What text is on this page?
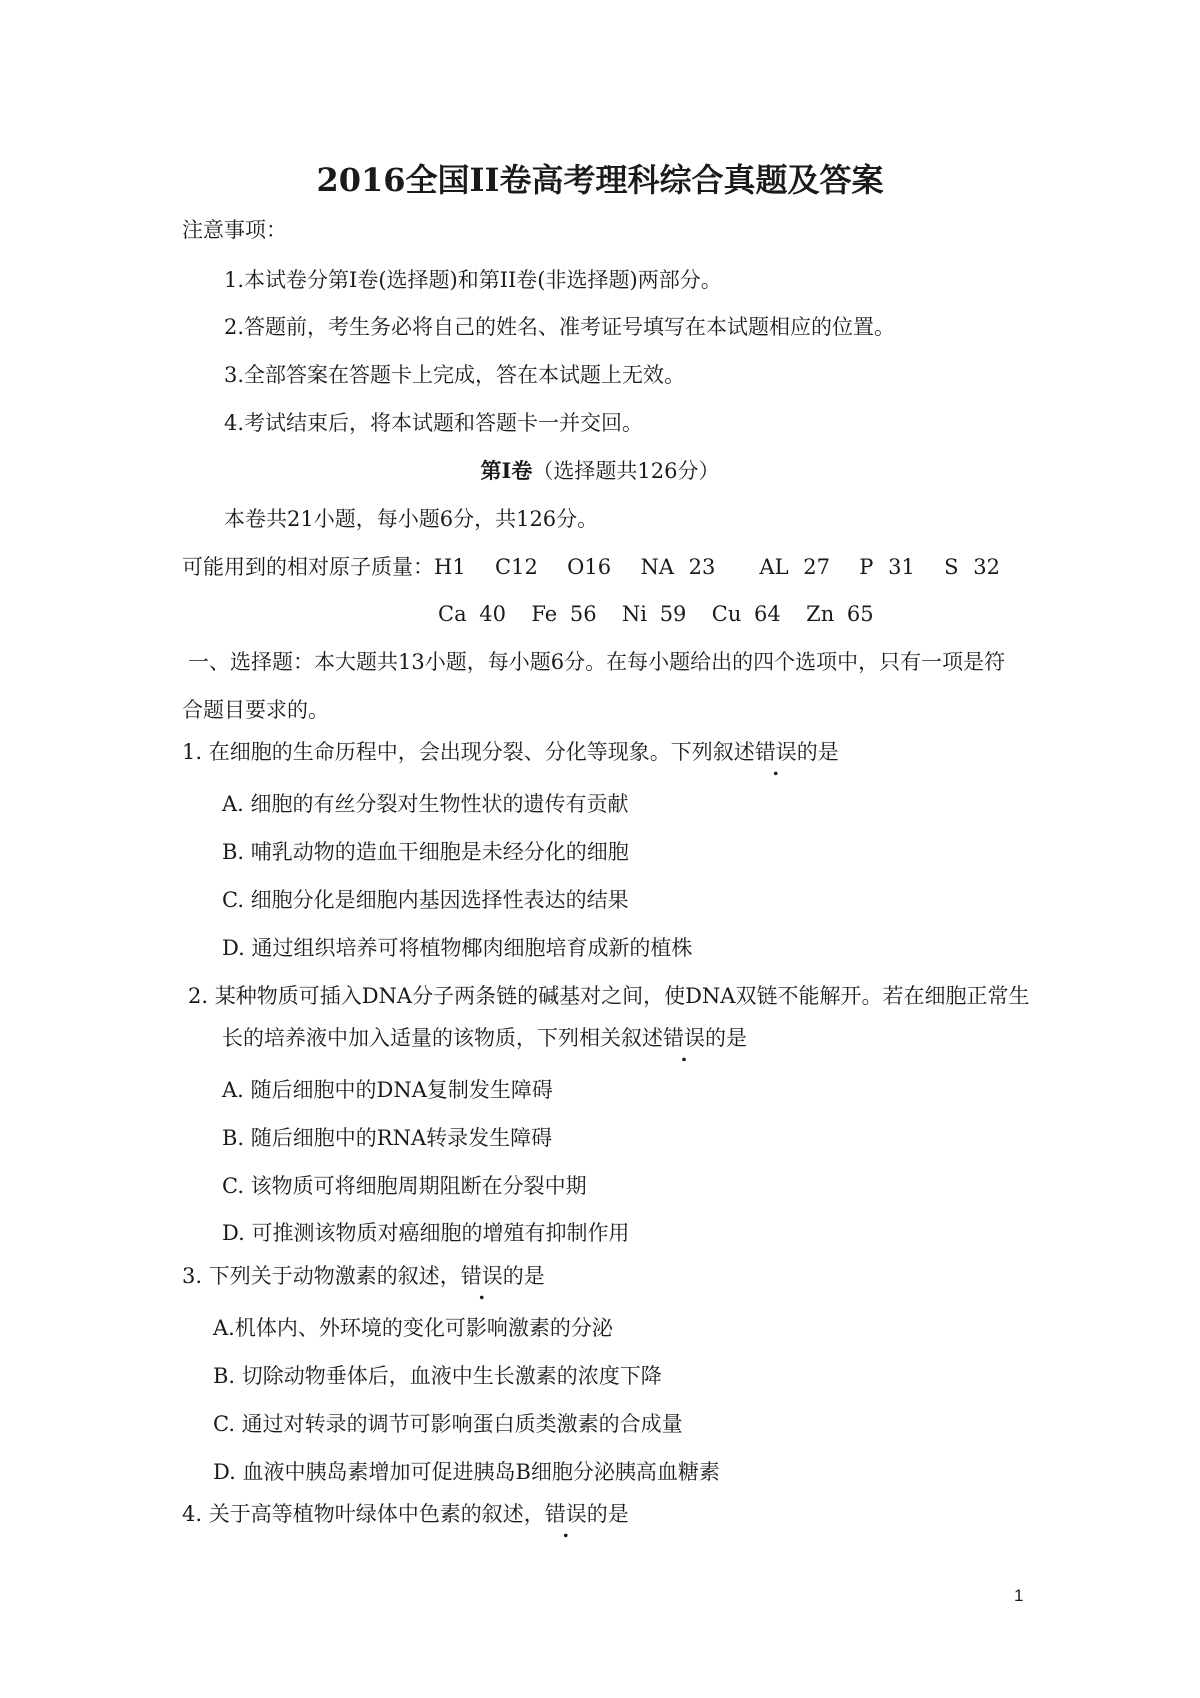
2016全国II卷高考理科综合真题及答案
注意事项：
1.本试卷分第Ⅰ卷(选择题)和第II卷(非选择题)两部分。
2.答题前，考生务必将自己的姓名、准考证号填写在本试题相应的位置。
3.全部答案在答题卡上完成，答在本试题上无效。
4.考试结束后，将本试题和答题卡一并交回。
第Ⅰ卷（选择题共126分）
本卷共21小题，每小题6分，共126分。
可能用到的相对原子质量：H1  C12  O16  NA 23   AL 27  P 31  S 32
Ca 40  Fe 56  Ni 59  Cu 64  Zn 65
一、选择题：本大题共13小题，每小题6分。在每小题给出的四个选项中，只有一项是符
合题目要求的。
1. 在细胞的生命历程中，会出现分裂、分化等现象。下列叙述错误的是
A. 细胞的有丝分裂对生物性状的遗传有贡献
B. 哺乳动物的造血干细胞是未经分化的细胞
C. 细胞分化是细胞内基因选择性表达的结果
D. 通过组织培养可将植物椰肉细胞培育成新的植株
2. 某种物质可插入DNA分子两条链的碱基对之间，使DNA双链不能解开。若在细胞正常生
长的培养液中加入适量的该物质，下列相关叙述错误的是
A. 随后细胞中的DNA复制发生障碍
B. 随后细胞中的RNA转录发生障碍
C. 该物质可将细胞周期阻断在分裂中期
D. 可推测该物质对癌细胞的增殖有抑制作用
3. 下列关于动物激素的叙述，错误的是
A.机体内、外环境的变化可影响激素的分泌
B. 切除动物垂体后，血液中生长激素的浓度下降
C. 通过对转录的调节可影响蛋白质类激素的合成量
D. 血液中胰岛素增加可促进胰岛B细胞分泌胰高血糖素
4. 关于高等植物叶绿体中色素的叙述，错误的是
1
